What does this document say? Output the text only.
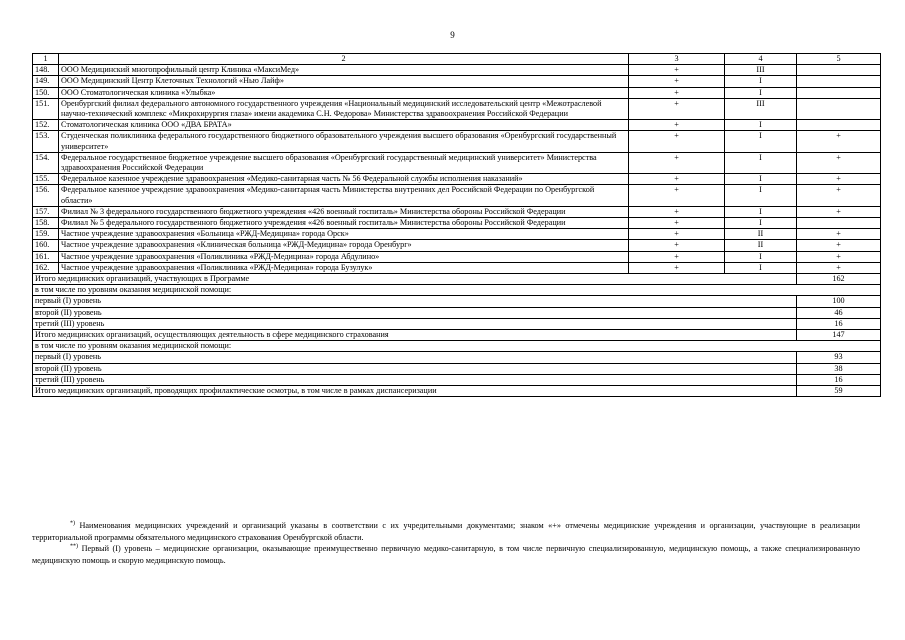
9
1	2	3	4	5
148.	ООО Медицинский многопрофильный центр Клиника «МаксиМед»	+	III	
149.	ООО Медицинский Центр Клеточных Технологий «Нью Лайф»	+	I	
150.	ООО Стоматологическая клиника «Улыбка»	+	I	
151.	Оренбургский филиал федерального автономного государственного учреждения «Национальный медицинский исследовательский центр «Межотраслевой научно-технический комплекс «Микрохирургия глаза» имени академика С.Н. Федорова» Министерства здравоохранения Российской Федерации	+	III	
152.	Стоматологическая клиника ООО «ДВА БРАТА»	+	I	
153.	Студенческая поликлиника федерального государственного бюджетного образовательного учреждения высшего образования «Оренбургский государственный университет»	+	I	+
154.	Федеральное государственное бюджетное учреждение высшего образования «Оренбургский государственный медицинский университет» Министерства здравоохранения Российской Федерации	+	I	+
155.	Федеральное казенное учреждение здравоохранения «Медико-санитарная часть № 56 Федеральной службы исполнения наказаний»	+	I	+
156.	Федеральное казенное учреждение здравоохранения «Медико-санитарная часть Министерства внутренних дел Российской Федерации по Оренбургской области»	+	I	+
157.	Филиал № 3 федерального государственного бюджетного учреждения «426 военный госпиталь» Министерства обороны Российской Федерации	+	I	+
158.	Филиал № 5 федерального государственного бюджетного учреждения «426 военный госпиталь» Министерства обороны Российской Федерации	+	I	
159.	Частное учреждение здравоохранения «Больница «РЖД-Медицина» города Орск»	+	II	+
160.	Частное учреждение здравоохранения «Клиническая больница «РЖД-Медицина» города Оренбург»	+	II	+
161.	Частное учреждение здравоохранения «Поликлиника «РЖД-Медицина» города Абдулино»	+	I	+
162.	Частное учреждение здравоохранения «Поликлиника «РЖД-Медицина» города Бузулук»	+	I	+
Итого медицинских организаций, участвующих в Программе				162
в том числе по уровням оказания медицинской помощи:				
первый (I) уровень				100
второй (II) уровень				46
третий (III) уровень				16
Итого медицинских организаций, осуществляющих деятельность в сфере медицинского страхования				147
в том числе по уровням оказания медицинской помощи:				
первый (I) уровень				93
второй (II) уровень				38
третий (III) уровень				16
Итого медицинских организаций, проводящих профилактические осмотры, в том числе в рамках диспансеризации				59

*) Наименования медицинских учреждений и организаций указаны в соответствии с их учредительными документами; знаком «+» отмечены медицинские учреждения и организации, участвующие в реализации территориальной программы обязательного медицинского страхования Оренбургской области.

**) Первый (I) уровень – медицинские организации, оказывающие преимущественно первичную медико-санитарную, в том числе первичную специализированную, медицинскую помощь, а также специализированную медицинскую помощь и скорую медицинскую помощь.
